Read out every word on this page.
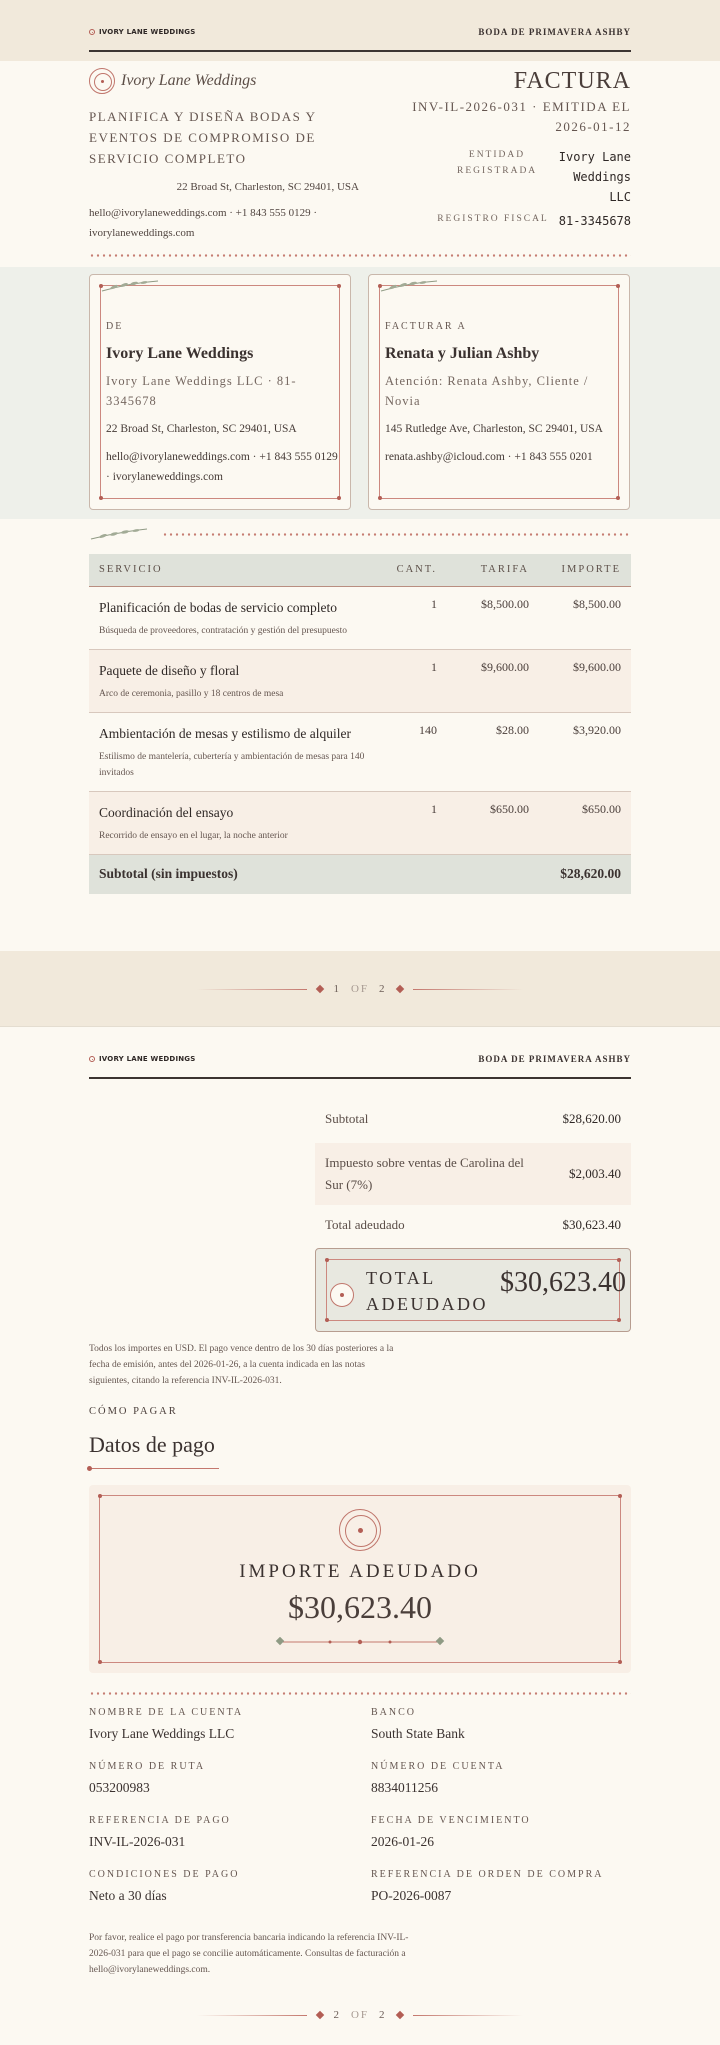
IVORY LANE WEDDINGS	BODA DE PRIMAVERA ASHBY
Ivory Lane Weddings
PLANIFICA Y DISEÑA BODAS Y EVENTOS DE COMPROMISO DE SERVICIO COMPLETO
22 Broad St, Charleston, SC 29401, USA
hello@ivorylaneweddings.com · +1 843 555 0129 · ivorylaneweddings.com
FACTURA
INV-IL-2026-031 · EMITIDA EL 2026-01-12
ENTIDAD REGISTRADA
Ivory Lane Weddings LLC
REGISTRO FISCAL 81-3345678
DE
Ivory Lane Weddings
Ivory Lane Weddings LLC · 81-3345678
22 Broad St, Charleston, SC 29401, USA
hello@ivorylaneweddings.com · +1 843 555 0129 · ivorylaneweddings.com
FACTURAR A
Renata y Julian Ashby
Atención: Renata Ashby, Cliente / Novia
145 Rutledge Ave, Charleston, SC 29401, USA
renata.ashby@icloud.com · +1 843 555 0201
SERVICIO	CANT.	TARIFA	IMPORTE

Planificación de bodas de servicio completo
Búsqueda de proveedores, contratación y gestión del presupuesto	1	$8,500.00	$8,500.00

Paquete de diseño y floral
Arco de ceremonia, pasillo y 18 centros de mesa	1	$9,600.00	$9,600.00

Ambientación de mesas y estilismo de alquiler
Estilismo de mantelería, cubertería y ambientación de mesas para 140 invitados	140	$28.00	$3,920.00

Coordinación del ensayo
Recorrido de ensayo en el lugar, la noche anterior	1	$650.00	$650.00
Subtotal (sin impuestos)			$28,620.00
1 OF 2
IVORY LANE WEDDINGS	BODA DE PRIMAVERA ASHBY
Subtotal	$28,620.00
Impuesto sobre ventas de Carolina del Sur (7%)
$2,003.40
Total adeudado	$30,623.40
TOTAL ADEUDADO
$30,623.40
Todos los importes en USD. El pago vence dentro de los 30 días posteriores a la fecha de emisión, antes del 2026-01-26, a la cuenta indicada en las notas siguientes, citando la referencia INV-IL-2026-031.
CÓMO PAGAR
Datos de pago
IMPORTE ADEUDADO
$30,623.40
NOMBRE DE LA CUENTA
Ivory Lane Weddings LLC
BANCO
South State Bank
NÚMERO DE RUTA
053200983
NÚMERO DE CUENTA
8834011256
REFERENCIA DE PAGO
INV-IL-2026-031
FECHA DE VENCIMIENTO
2026-01-26
CONDICIONES DE PAGO
Neto a 30 días
REFERENCIA DE ORDEN DE COMPRA
PO-2026-0087
Por favor, realice el pago por transferencia bancaria indicando la referencia INV-IL-2026-031 para que el pago se concilie automáticamente. Consultas de facturación a hello@ivorylaneweddings.com.
2 OF 2
